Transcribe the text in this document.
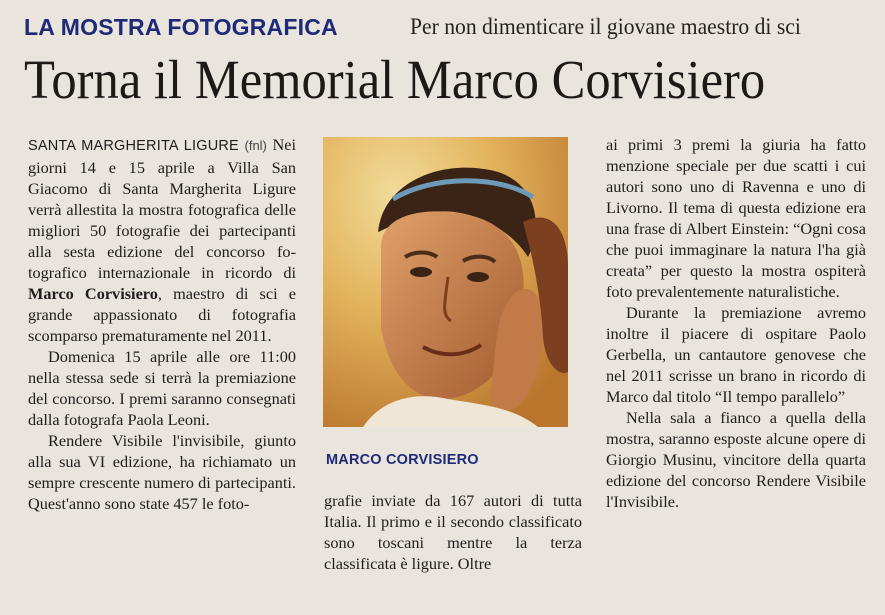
LA MOSTRA FOTOGRAFICA	Per non dimenticare il giovane maestro di sci
Torna il Memorial Marco Corvisiero

SANTA MARGHERITA LIGURE (fnl) Nei giorni 14 e 15 aprile a Villa San Giacomo di Santa Margherita Ligure verrà allestita la mostra fotografica delle migliori 50 fotografie dei partecipanti alla sesta edizione del concorso fotografico internazionale in ricordo di Marco Corvisiero, maestro di sci e grande appassionato di fotografia scomparso prematuramente nel 2011.

Domenica 15 aprile alle ore 11:00 nella stessa sede si terrà la premiazione del concorso. I premi saranno consegnati dalla fotografa Paola Leoni.

Rendere Visibile l'invisibile, giunto alla sua VI edizione, ha richiamato un sempre crescente numero di partecipanti. Quest'anno sono state 457 le foto-

MARCO CORVISIERO

grafie inviate da 167 autori di tutta Italia. Il primo e il secondo classificato sono toscani mentre la terza classificata è ligure. Oltre

ai primi 3 premi la giuria ha fatto menzione speciale per due scatti i cui autori sono uno di Ravenna e uno di Livorno. Il tema di questa edizione era una frase di Albert Einstein: “Ogni cosa che puoi immaginare la natura l'ha già creata” per questo la mostra ospiterà foto prevalentemente naturalistiche.

Durante la premiazione avremo inoltre il piacere di ospitare Paolo Gerbella, un cantautore genovese che nel 2011 scrisse un brano in ricordo di Marco dal titolo “Il tempo parallelo”

Nella sala a fianco a quella della mostra, saranno esposte alcune opere di Giorgio Musinu, vincitore della quarta edizione del concorso Rendere Visibile l'Invisibile.
